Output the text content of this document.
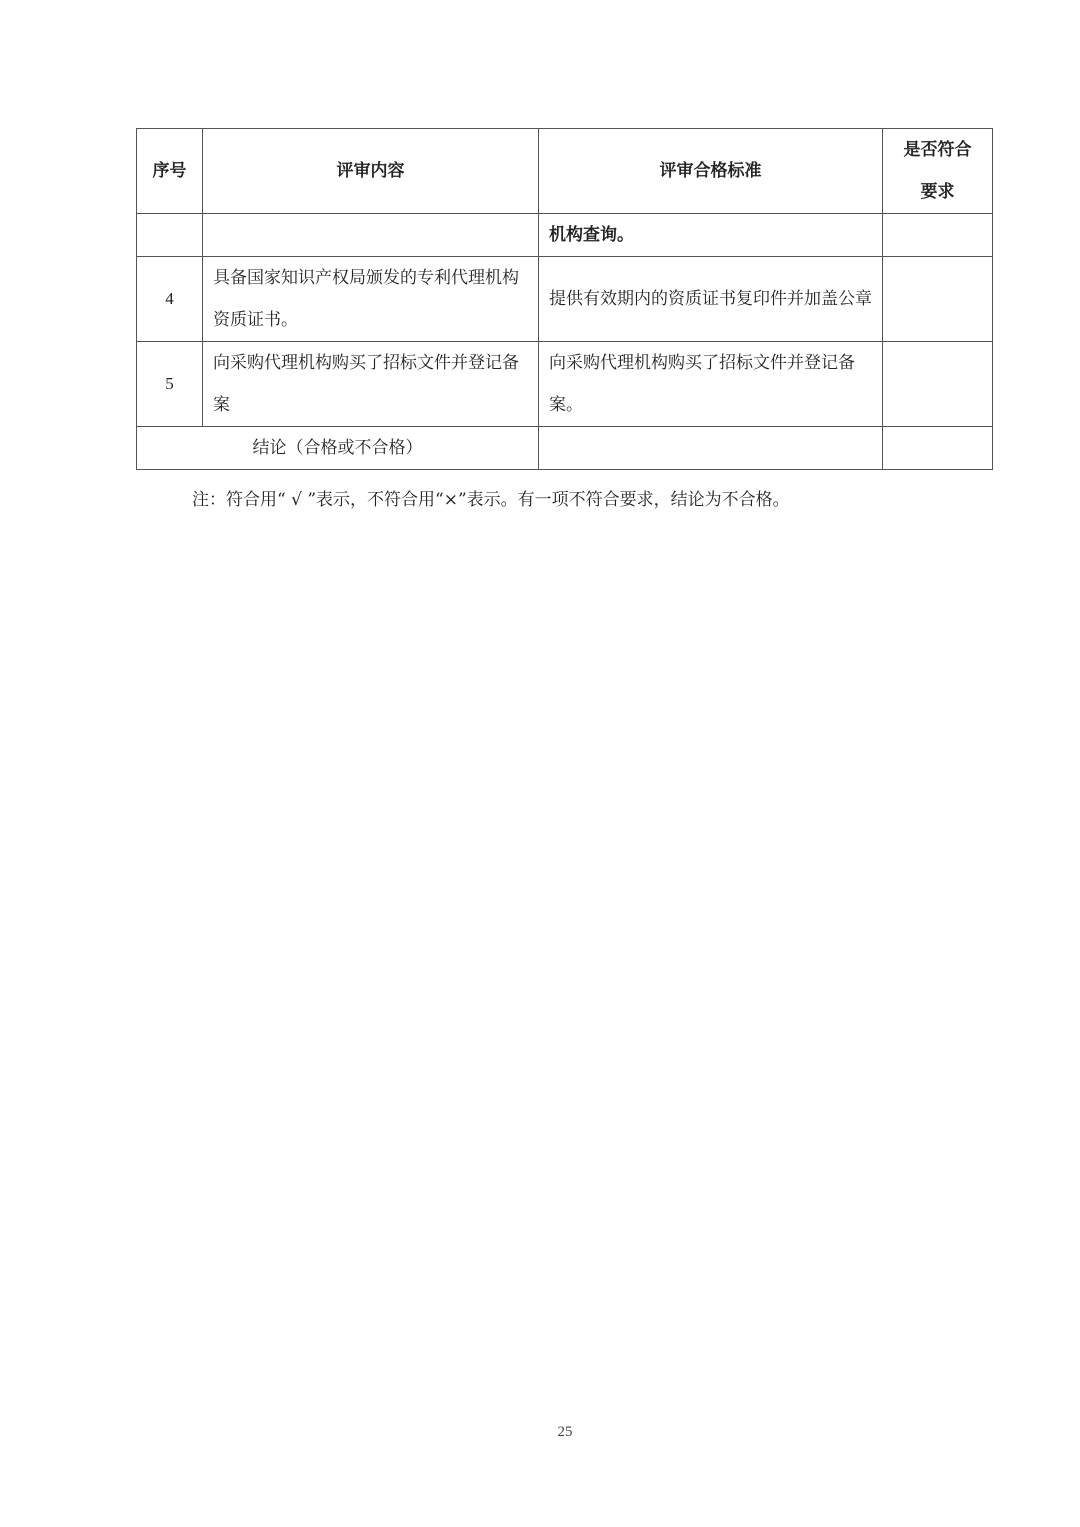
序号	评审内容	评审合格标准	是否符合要求
		机构查询。	
4	具备国家知识产权局颁发的专利代理机构资质证书。	提供有效期内的资质证书复印件并加盖公章	
5	向采购代理机构购买了招标文件并登记备案	向采购代理机构购买了招标文件并登记备案。	
结论（合格或不合格）			
注：符合用“ √ ”表示，不符合用“×”表示。有一项不符合要求，结论为不合格。
25
